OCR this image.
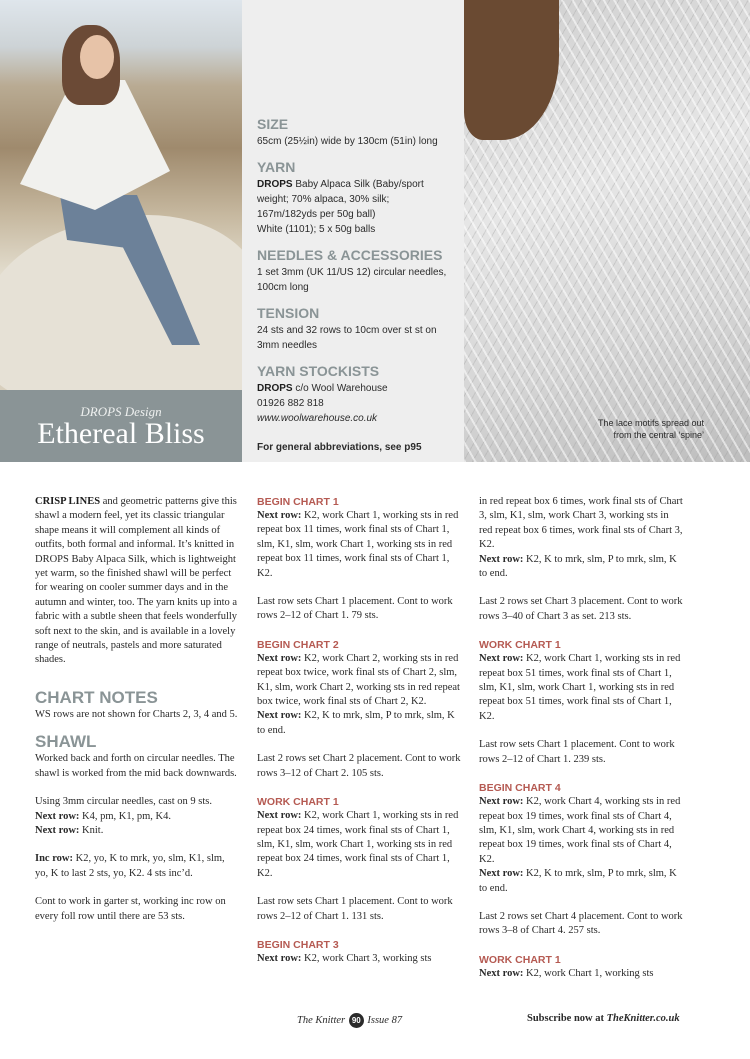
DROPS Design
Ethereal Bliss
SIZE

65cm (25½in) wide by 130cm (51in) long

YARN

DROPS Baby Alpaca Silk (Baby/sport weight; 70% alpaca, 30% silk; 167m/182yds per 50g ball)

White (1101); 5 x 50g balls

NEEDLES & ACCESSORIES

1 set 3mm (UK 11/US 12) circular needles, 100cm long

TENSION

24 sts and 32 rows to 10cm over st st on 3mm needles

YARN STOCKISTS

DROPS c/o Wool Warehouse

01926 882 818

www.woolwarehouse.co.uk

For general abbreviations, see p95

The lace motifs spread out from the central ‘spine’

CRISP LINES and geometric patterns give this shawl a modern feel, yet its classic triangular shape means it will complement all kinds of outfits, both formal and informal. It’s knitted in DROPS Baby Alpaca Silk, which is lightweight yet warm, so the finished shawl will be perfect for wearing on cooler summer days and in the autumn and winter, too. The yarn knits up into a fabric with a subtle sheen that feels wonderfully soft next to the skin, and is available in a lovely range of neutrals, pastels and more saturated shades.

CHART NOTES

WS rows are not shown for Charts 2, 3, 4 and 5.

SHAWL

Worked back and forth on circular needles. The shawl is worked from the mid back downwards.

Using 3mm circular needles, cast on 9 sts.

Next row: K4, pm, K1, pm, K4.

Next row: Knit.

Inc row: K2, yo, K to mrk, yo, slm, K1, slm, yo, K to last 2 sts, yo, K2. 4 sts inc’d.

Cont to work in garter st, working inc row on every foll row until there are 53 sts.

BEGIN CHART 1

Next row: K2, work Chart 1, working sts in red repeat box 11 times, work final sts of Chart 1, slm, K1, slm, work Chart 1, working sts in red repeat box 11 times, work final sts of Chart 1, K2.

Last row sets Chart 1 placement. Cont to work rows 2–12 of Chart 1. 79 sts.

BEGIN CHART 2

Next row: K2, work Chart 2, working sts in red repeat box twice, work final sts of Chart 2, slm, K1, slm, work Chart 2, working sts in red repeat box twice, work final sts of Chart 2, K2.

Next row: K2, K to mrk, slm, P to mrk, slm, K to end.

Last 2 rows set Chart 2 placement. Cont to work rows 3–12 of Chart 2. 105 sts.

WORK CHART 1

Next row: K2, work Chart 1, working sts in red repeat box 24 times, work final sts of Chart 1, slm, K1, slm, work Chart 1, working sts in red repeat box 24 times, work final sts of Chart 1, K2.

Last row sets Chart 1 placement. Cont to work rows 2–12 of Chart 1. 131 sts.

BEGIN CHART 3

Next row: K2, work Chart 3, working sts

in red repeat box 6 times, work final sts of Chart 3, slm, K1, slm, work Chart 3, working sts in red repeat box 6 times, work final sts of Chart 3, K2.

Next row: K2, K to mrk, slm, P to mrk, slm, K to end.

Last 2 rows set Chart 3 placement. Cont to work rows 3–40 of Chart 3 as set. 213 sts.

WORK CHART 1

Next row: K2, work Chart 1, working sts in red repeat box 51 times, work final sts of Chart 1, slm, K1, slm, work Chart 1, working sts in red repeat box 51 times, work final sts of Chart 1, K2.

Last row sets Chart 1 placement. Cont to work rows 2–12 of Chart 1. 239 sts.

BEGIN CHART 4

Next row: K2, work Chart 4, working sts in red repeat box 19 times, work final sts of Chart 4, slm, K1, slm, work Chart 4, working sts in red repeat box 19 times, work final sts of Chart 4, K2.

Next row: K2, K to mrk, slm, P to mrk, slm, K to end.

Last 2 rows set Chart 4 placement. Cont to work rows 3–8 of Chart 4. 257 sts.

WORK CHART 1

Next row: K2, work Chart 1, working sts

The Knitter 90 Issue 87	Subscribe now at TheKnitter.co.uk
